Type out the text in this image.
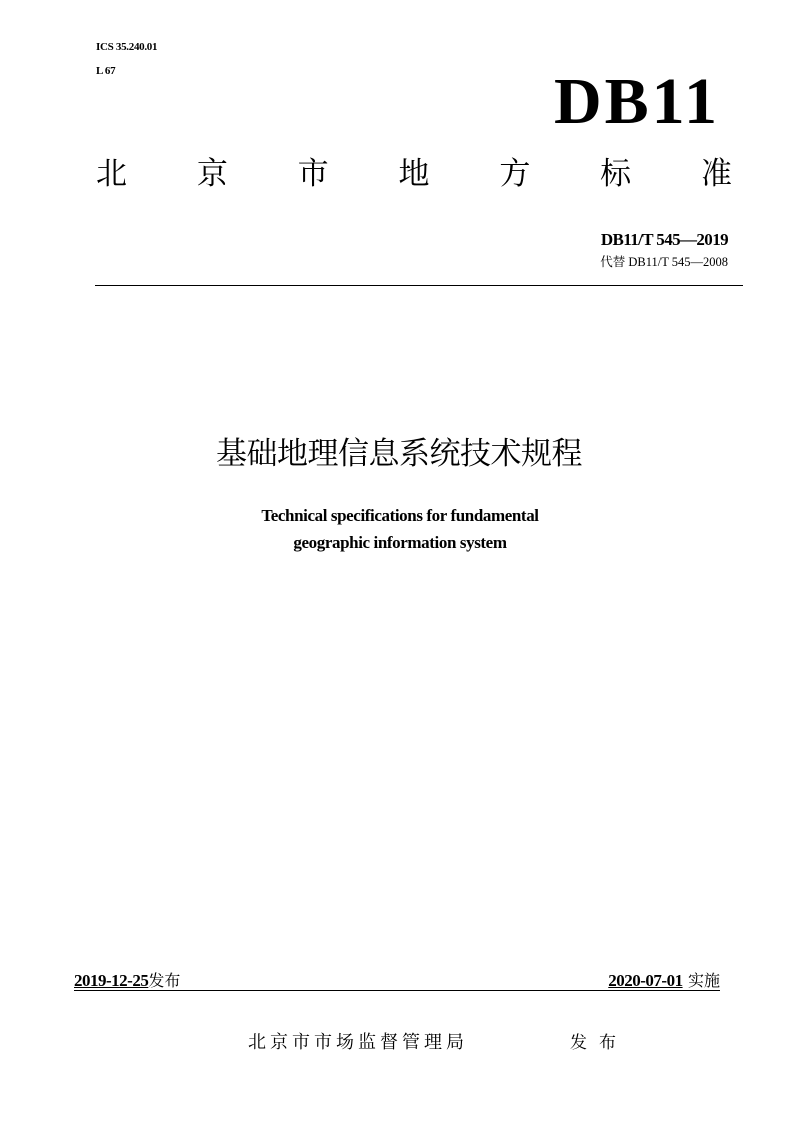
ICS 35.240.01
L 67	DB11
北 京 市 地 方 标 准
DB11/T 545—2019
代替 DB11/T 545—2008
基础地理信息系统技术规程
Technical specifications for fundamental
geographic information system
2019-12-25发布	2020-07-01 实施
北京市市场监督管理局	发布
